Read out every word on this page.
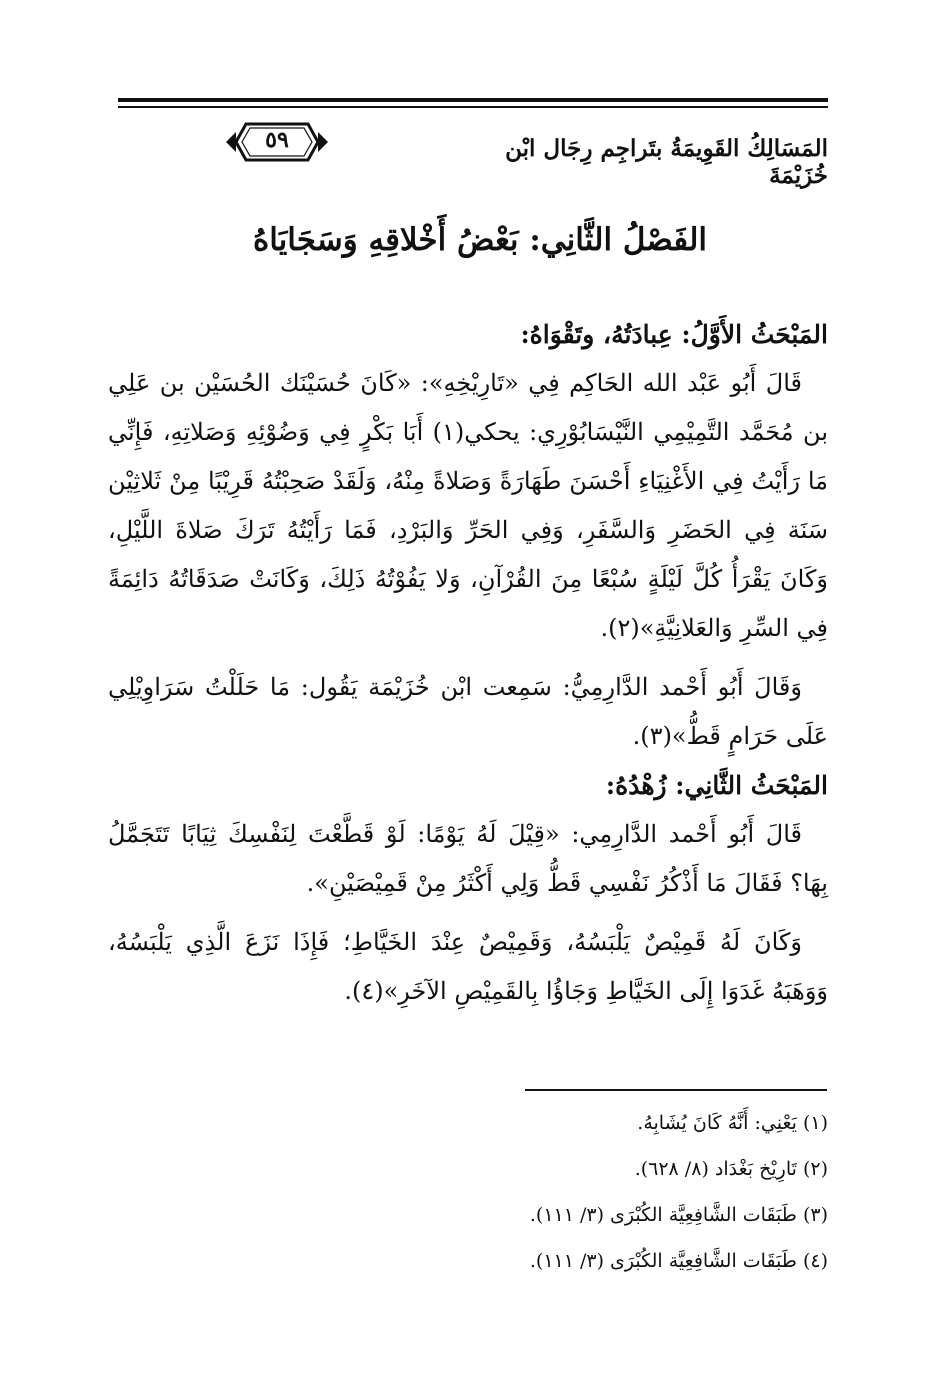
المَسَالِكُ القَوِيمَةُ بتَراجِم رِجَال ابْن خُزَيْمَةَ
٥٩
الفَصْلُ الثَّانِي: بَعْضُ أَخْلاقِهِ وَسَجَايَاهُ

المَبْحَثُ الأَوَّلُ: عِبادَتُهُ، وتَقْوَاهُ:

قَالَ أَبُو عَبْد الله الحَاكِم فِي «تَارِيْخِهِ»: «كَانَ حُسَيْنَك الحُسَيْن بن عَلِي بن مُحَمَّد التَّمِيْمِي النَّيْسَابُوْرِي: يحكي(١) أَبَا بَكْرٍ فِي وَضُوْئِهِ وَصَلاتِهِ، فَإِنِّي مَا رَأَيْتُ فِي الأَغْنِيَاءِ أَحْسَنَ طَهَارَةً وَصَلاةً مِنْهُ، وَلَقَدْ صَحِبْتُهُ قَرِيْبًا مِنْ ثَلاثِيْن سَنَة فِي الحَضَرِ وَالسَّفَرِ، وَفِي الحَرِّ وَالبَرْدِ، فَمَا رَأَيْتُهُ تَرَكَ صَلاةَ اللَّيْلِ، وَكَانَ يَقْرَأُ كُلَّ لَيْلَةٍ سُبْعًا مِنَ القُرْآنِ، وَلا يَفُوْتُهُ ذَلِكَ، وَكَانَتْ صَدَقَاتُهُ دَائِمَةً فِي السِّرِ وَالعَلانِيَّةِ»(٢).

وَقَالَ أَبُو أَحْمد الدَّارِمِيُّ: سَمِعت ابْن خُزَيْمَة يَقُول: مَا حَلَلْتُ سَرَاوِيْلِي عَلَى حَرَامٍ قَطُّ»(٣).

المَبْحَثُ الثَّانِي: زُهْدُهُ:

قَالَ أَبُو أَحْمد الدَّارِمِي: «قِيْلَ لَهُ يَوْمًا: لَوْ قَطَّعْتَ لِنَفْسِكَ ثِيَابًا تَتَجَمَّلُ بِهَا؟ فَقَالَ مَا أَذْكُرُ نَفْسِي قَطُّ وَلِي أَكْثَرُ مِنْ قَمِيْصَيْنِ».

وَكَانَ لَهُ قَمِيْصٌ يَلْبَسُهُ، وَقَمِيْصٌ عِنْدَ الخَيَّاطِ؛ فَإِذَا نَزَعَ الَّذِي يَلْبَسُهُ، وَوَهَبَهُ غَدَوَا إِلَى الخَيَّاطِ وَجَاؤُا بِالقَمِيْصِ الآخَرِ»(٤).

(١) يَعْنِي: أَنَّهُ كَانَ يُشَابِهُ.

(٢) تَارِيْخ بَغْدَاد (٨/ ٦٢٨).

(٣) طَبَقَات الشَّافِعِيَّة الكُبْرَى (٣/ ١١١).

(٤) طَبَقَات الشَّافِعِيَّة الكُبْرَى (٣/ ١١١).
